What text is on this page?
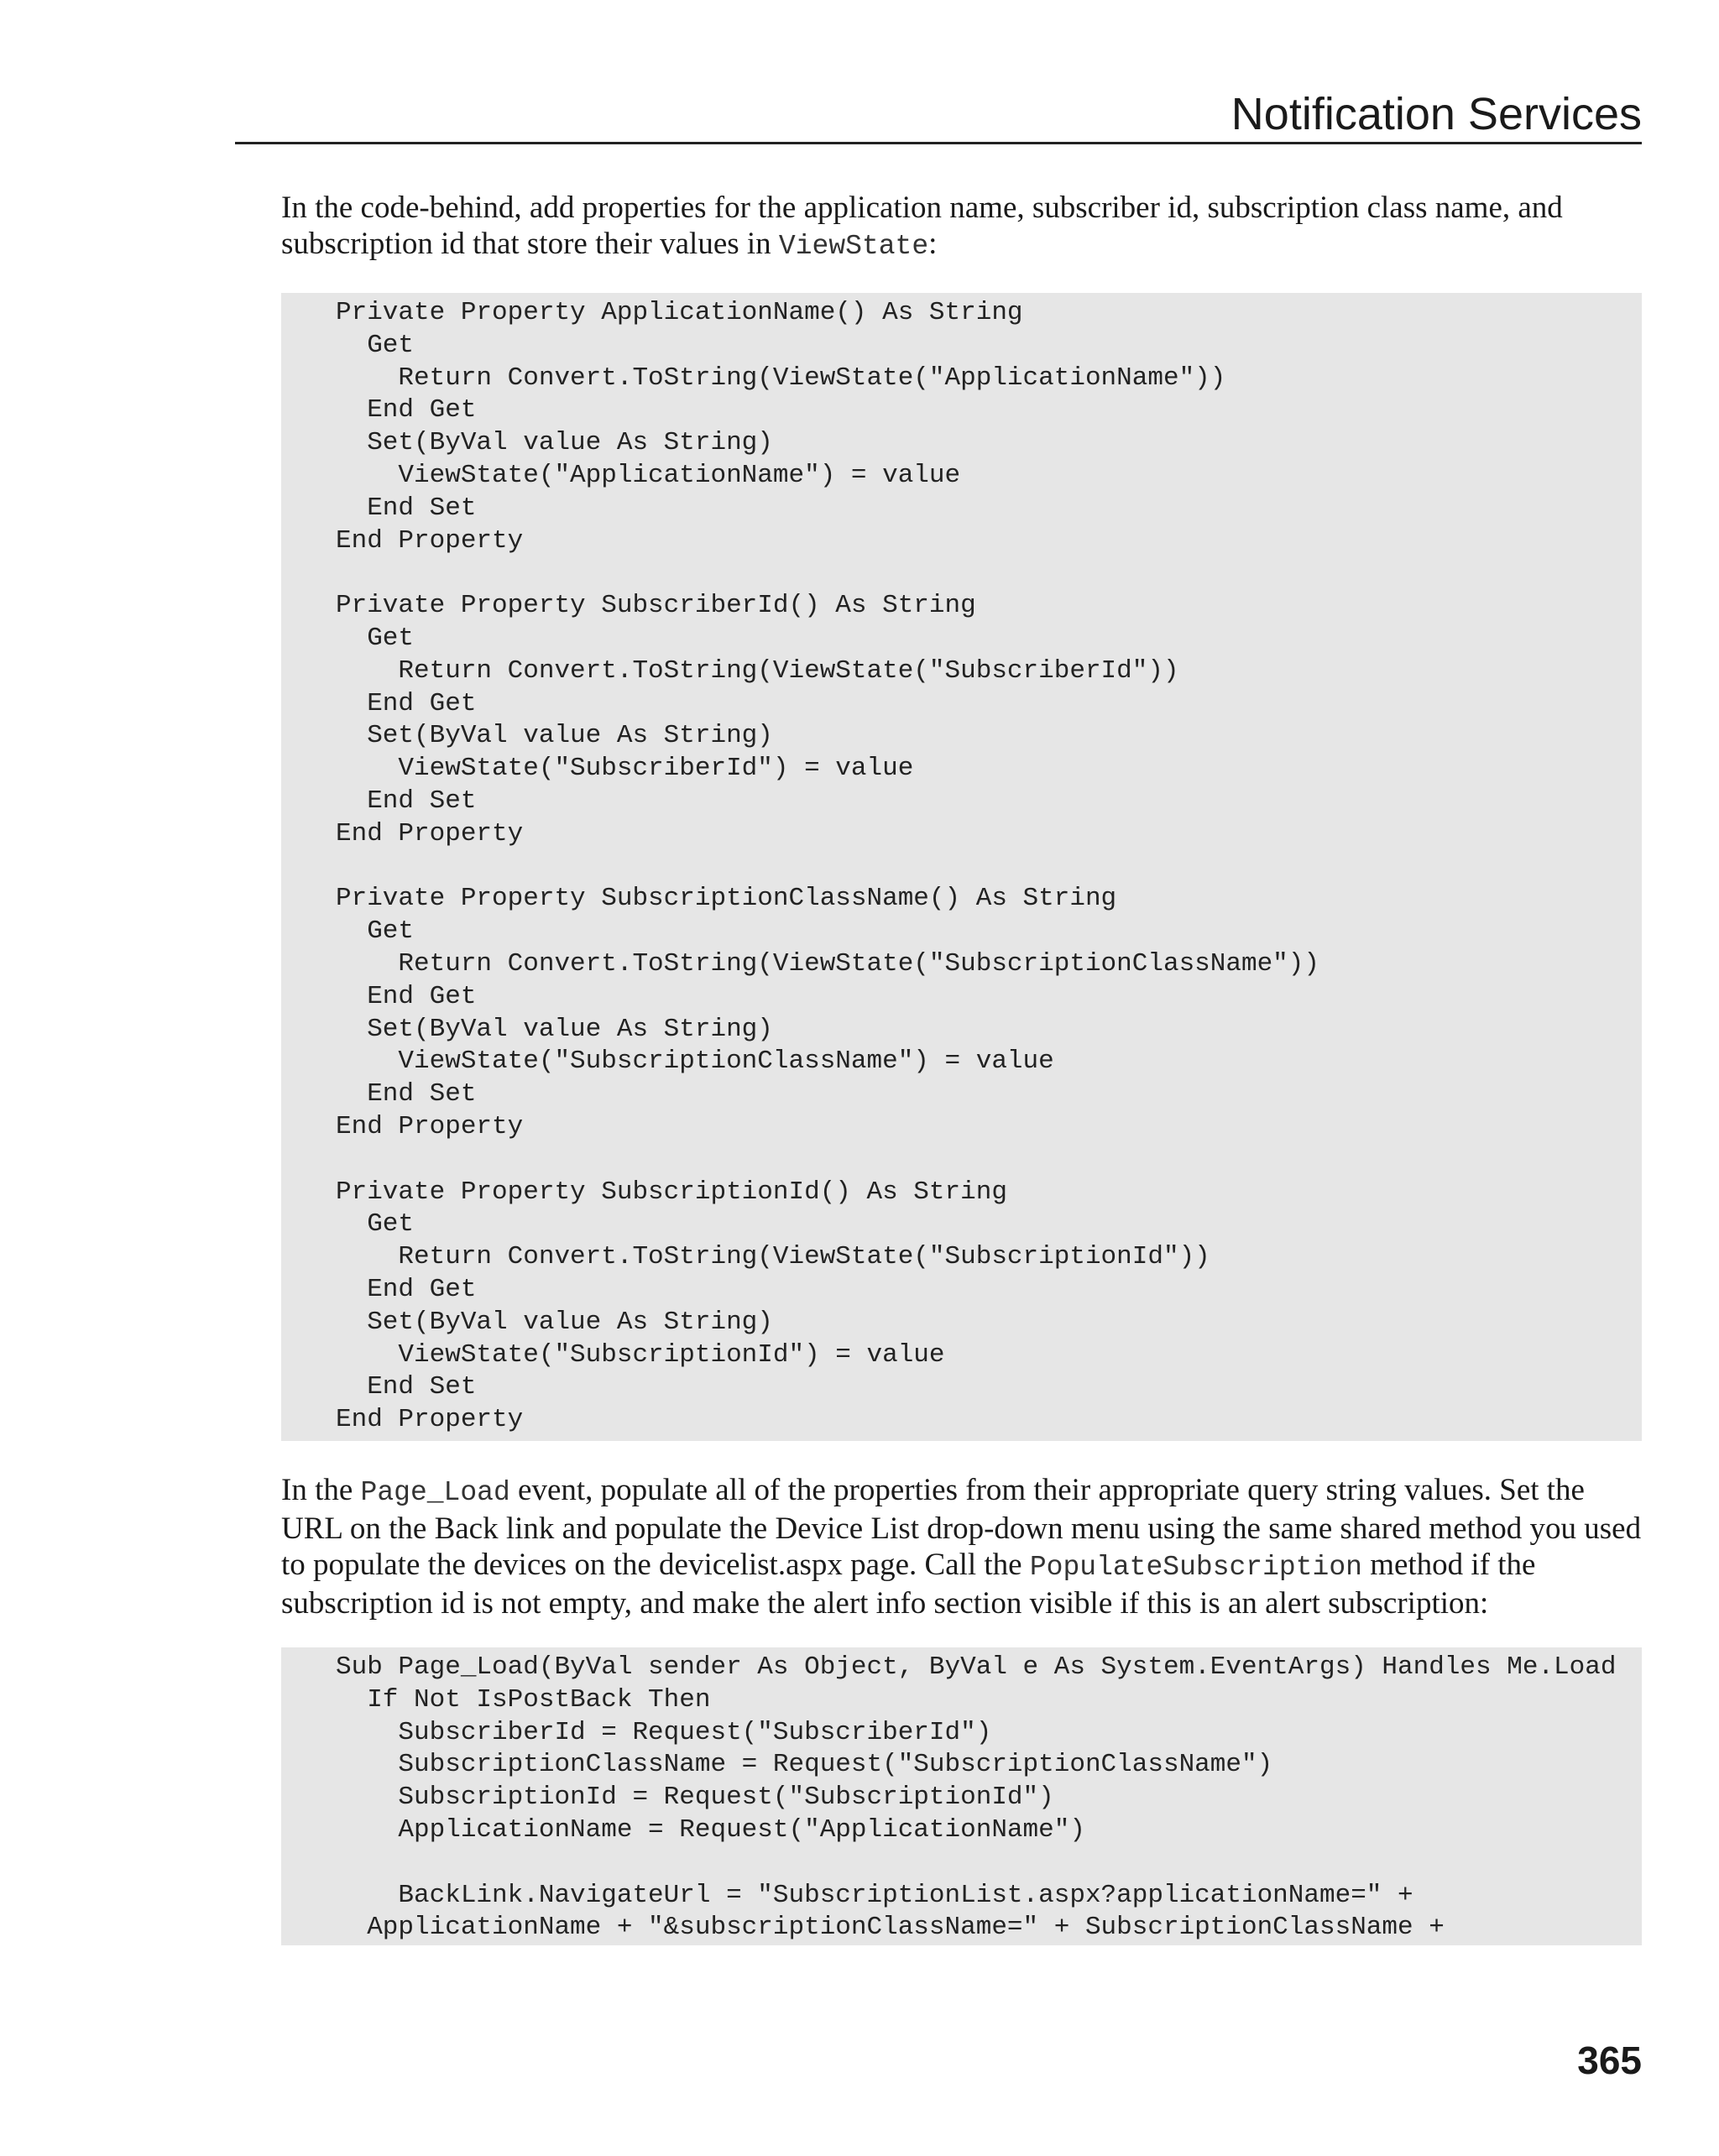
Notification Services

In the code-behind, add properties for the application name, subscriber id, subscription class name, and subscription id that store their values in ViewState:

Private Property ApplicationName() As String
Get
Return Convert.ToString(ViewState("ApplicationName"))
End Get
Set(ByVal value As String)
ViewState("ApplicationName") = value
End Set
End Property

Private Property SubscriberId() As String
Get
Return Convert.ToString(ViewState("SubscriberId"))
End Get
Set(ByVal value As String)
ViewState("SubscriberId") = value
End Set
End Property

Private Property SubscriptionClassName() As String
Get
Return Convert.ToString(ViewState("SubscriptionClassName"))
End Get
Set(ByVal value As String)
ViewState("SubscriptionClassName") = value
End Set
End Property

Private Property SubscriptionId() As String
Get
Return Convert.ToString(ViewState("SubscriptionId"))
End Get
Set(ByVal value As String)
ViewState("SubscriptionId") = value
End Set
End Property

In the Page_Load event, populate all of the properties from their appropriate query string values. Set the URL on the Back link and populate the Device List drop-down menu using the same shared method you used to populate the devices on the devicelist.aspx page. Call the PopulateSubscription method if the subscription id is not empty, and make the alert info section visible if this is an alert subscription:

Sub Page_Load(ByVal sender As Object, ByVal e As System.EventArgs) Handles Me.Load
If Not IsPostBack Then
SubscriberId = Request("SubscriberId")
SubscriptionClassName = Request("SubscriptionClassName")
SubscriptionId = Request("SubscriptionId")
ApplicationName = Request("ApplicationName")

BackLink.NavigateUrl = "SubscriptionList.aspx?applicationName=" +
ApplicationName + "&subscriptionClassName=" + SubscriptionClassName +
365
